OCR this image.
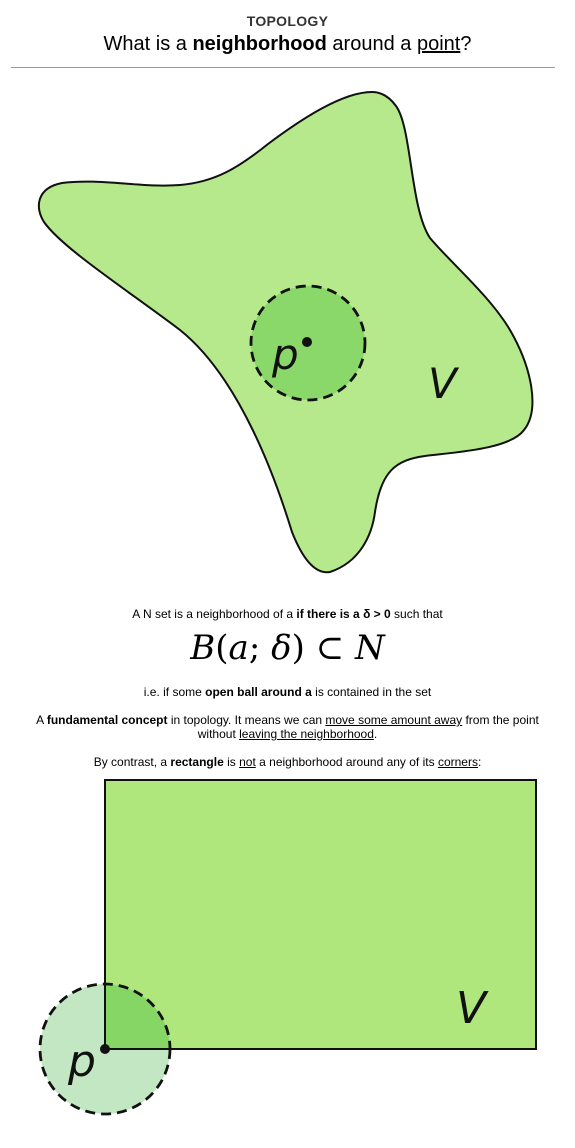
TOPOLOGY
What is a neighborhood around a point?
p
V
A N set is a neighborhood of a if there is a δ > 0 such that
B(a; δ) ⊂ N
i.e. if some open ball around a is contained in the set
A fundamental concept in topology. It means we can move some amount away from the point without leaving the neighborhood.
By contrast, a rectangle is not a neighborhood around any of its corners:
p
V
